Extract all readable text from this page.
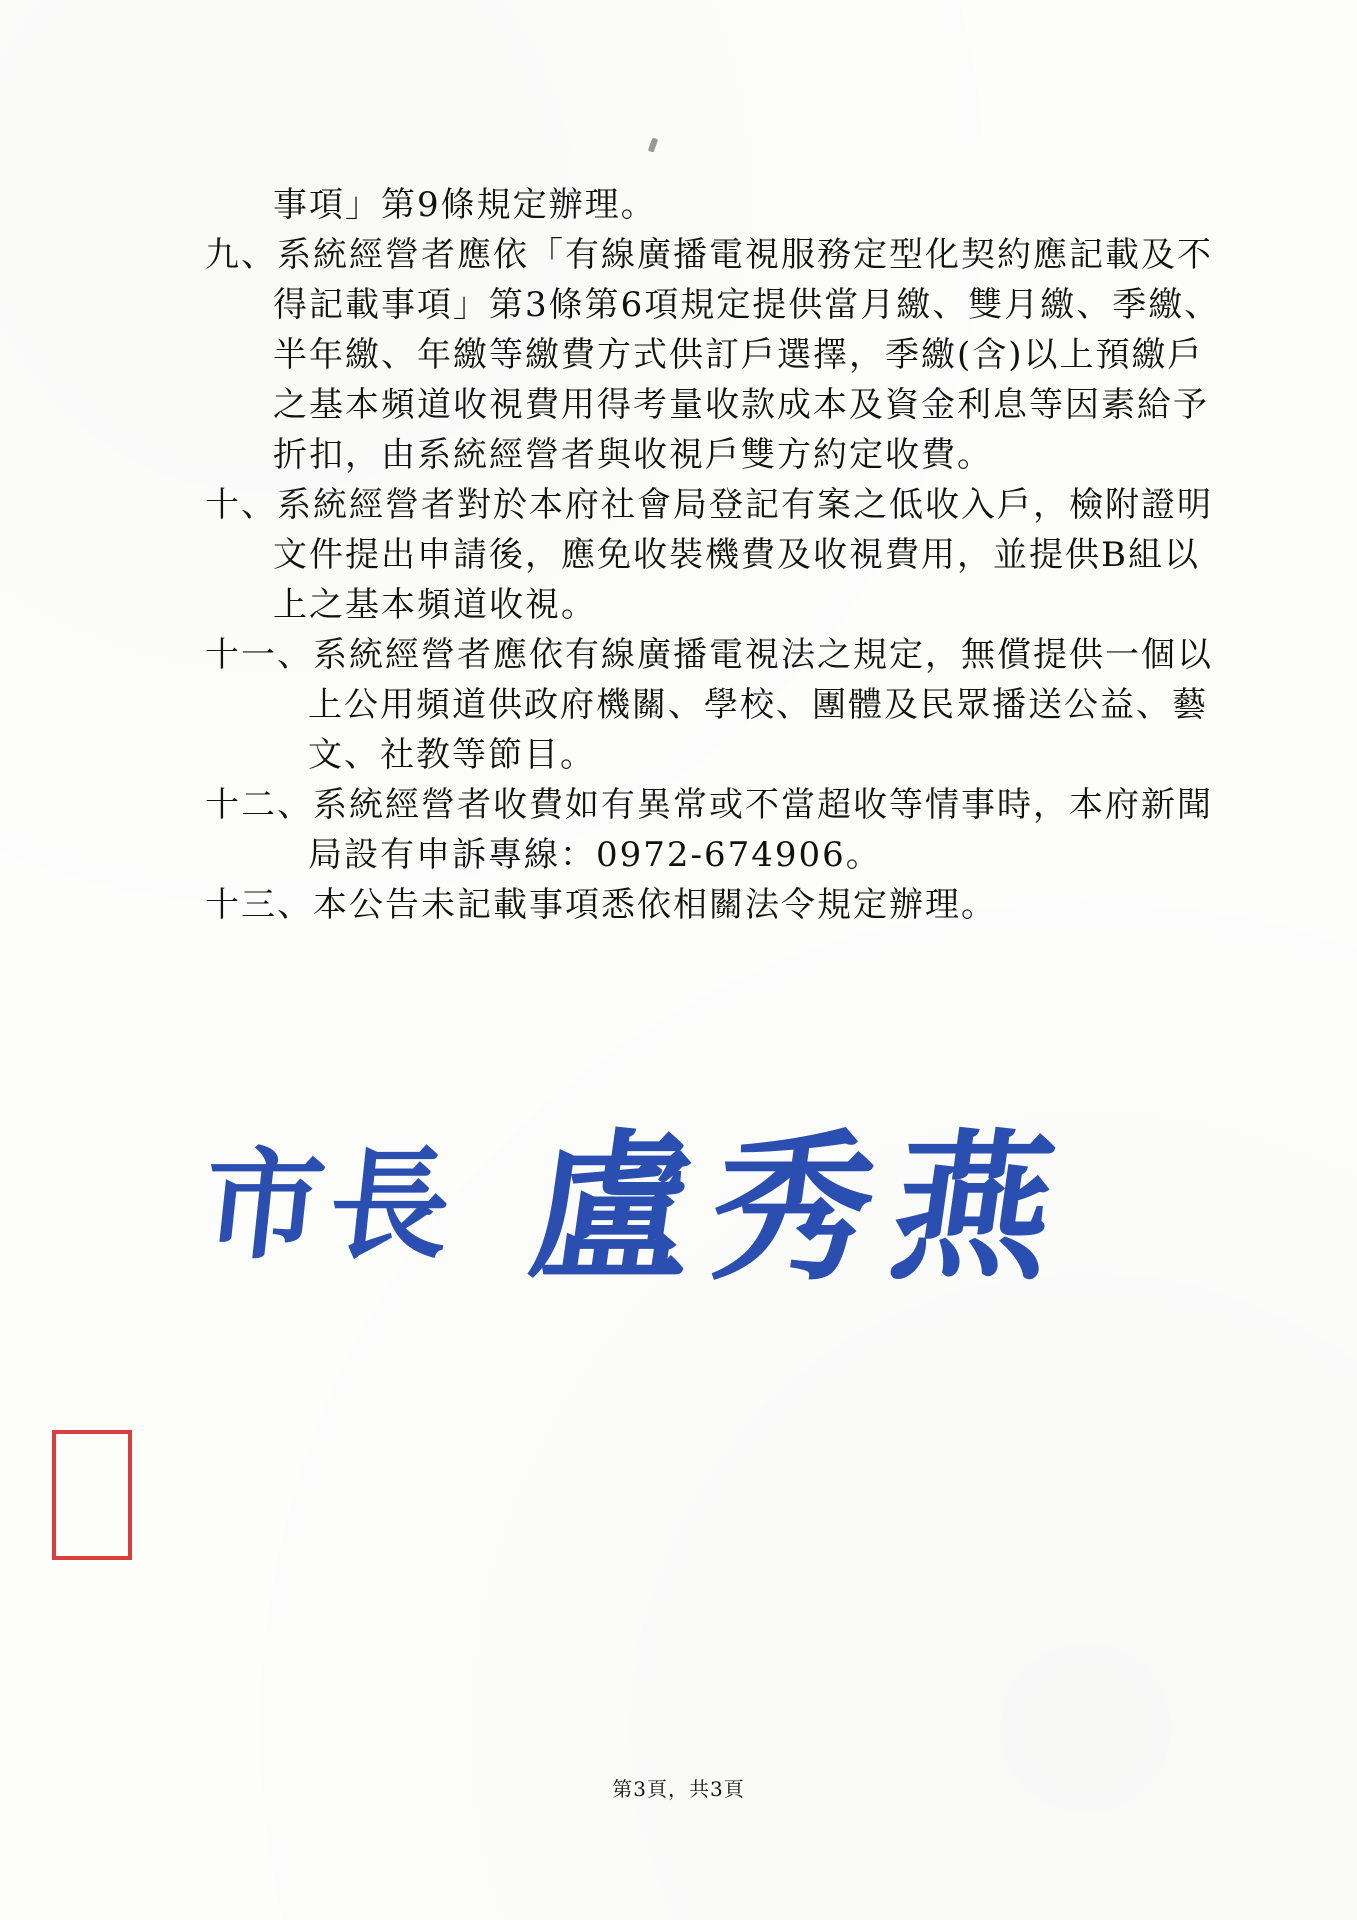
事項」第9條規定辦理。
九、系統經營者應依「有線廣播電視服務定型化契約應記載及不
得記載事項」第3條第6項規定提供當月繳、雙月繳、季繳、
半年繳、年繳等繳費方式供訂戶選擇，季繳(含)以上預繳戶
之基本頻道收視費用得考量收款成本及資金利息等因素給予
折扣，由系統經營者與收視戶雙方約定收費。
十、系統經營者對於本府社會局登記有案之低收入戶，檢附證明
文件提出申請後，應免收裝機費及收視費用，並提供B組以
上之基本頻道收視。
十一、系統經營者應依有線廣播電視法之規定，無償提供一個以
上公用頻道供政府機關、學校、團體及民眾播送公益、藝
文、社教等節目。
十二、系統經營者收費如有異常或不當超收等情事時，本府新聞
局設有申訴專線：0972-674906。
十三、本公告未記載事項悉依相關法令規定辦理。
市長 盧秀燕
第3頁，共3頁
